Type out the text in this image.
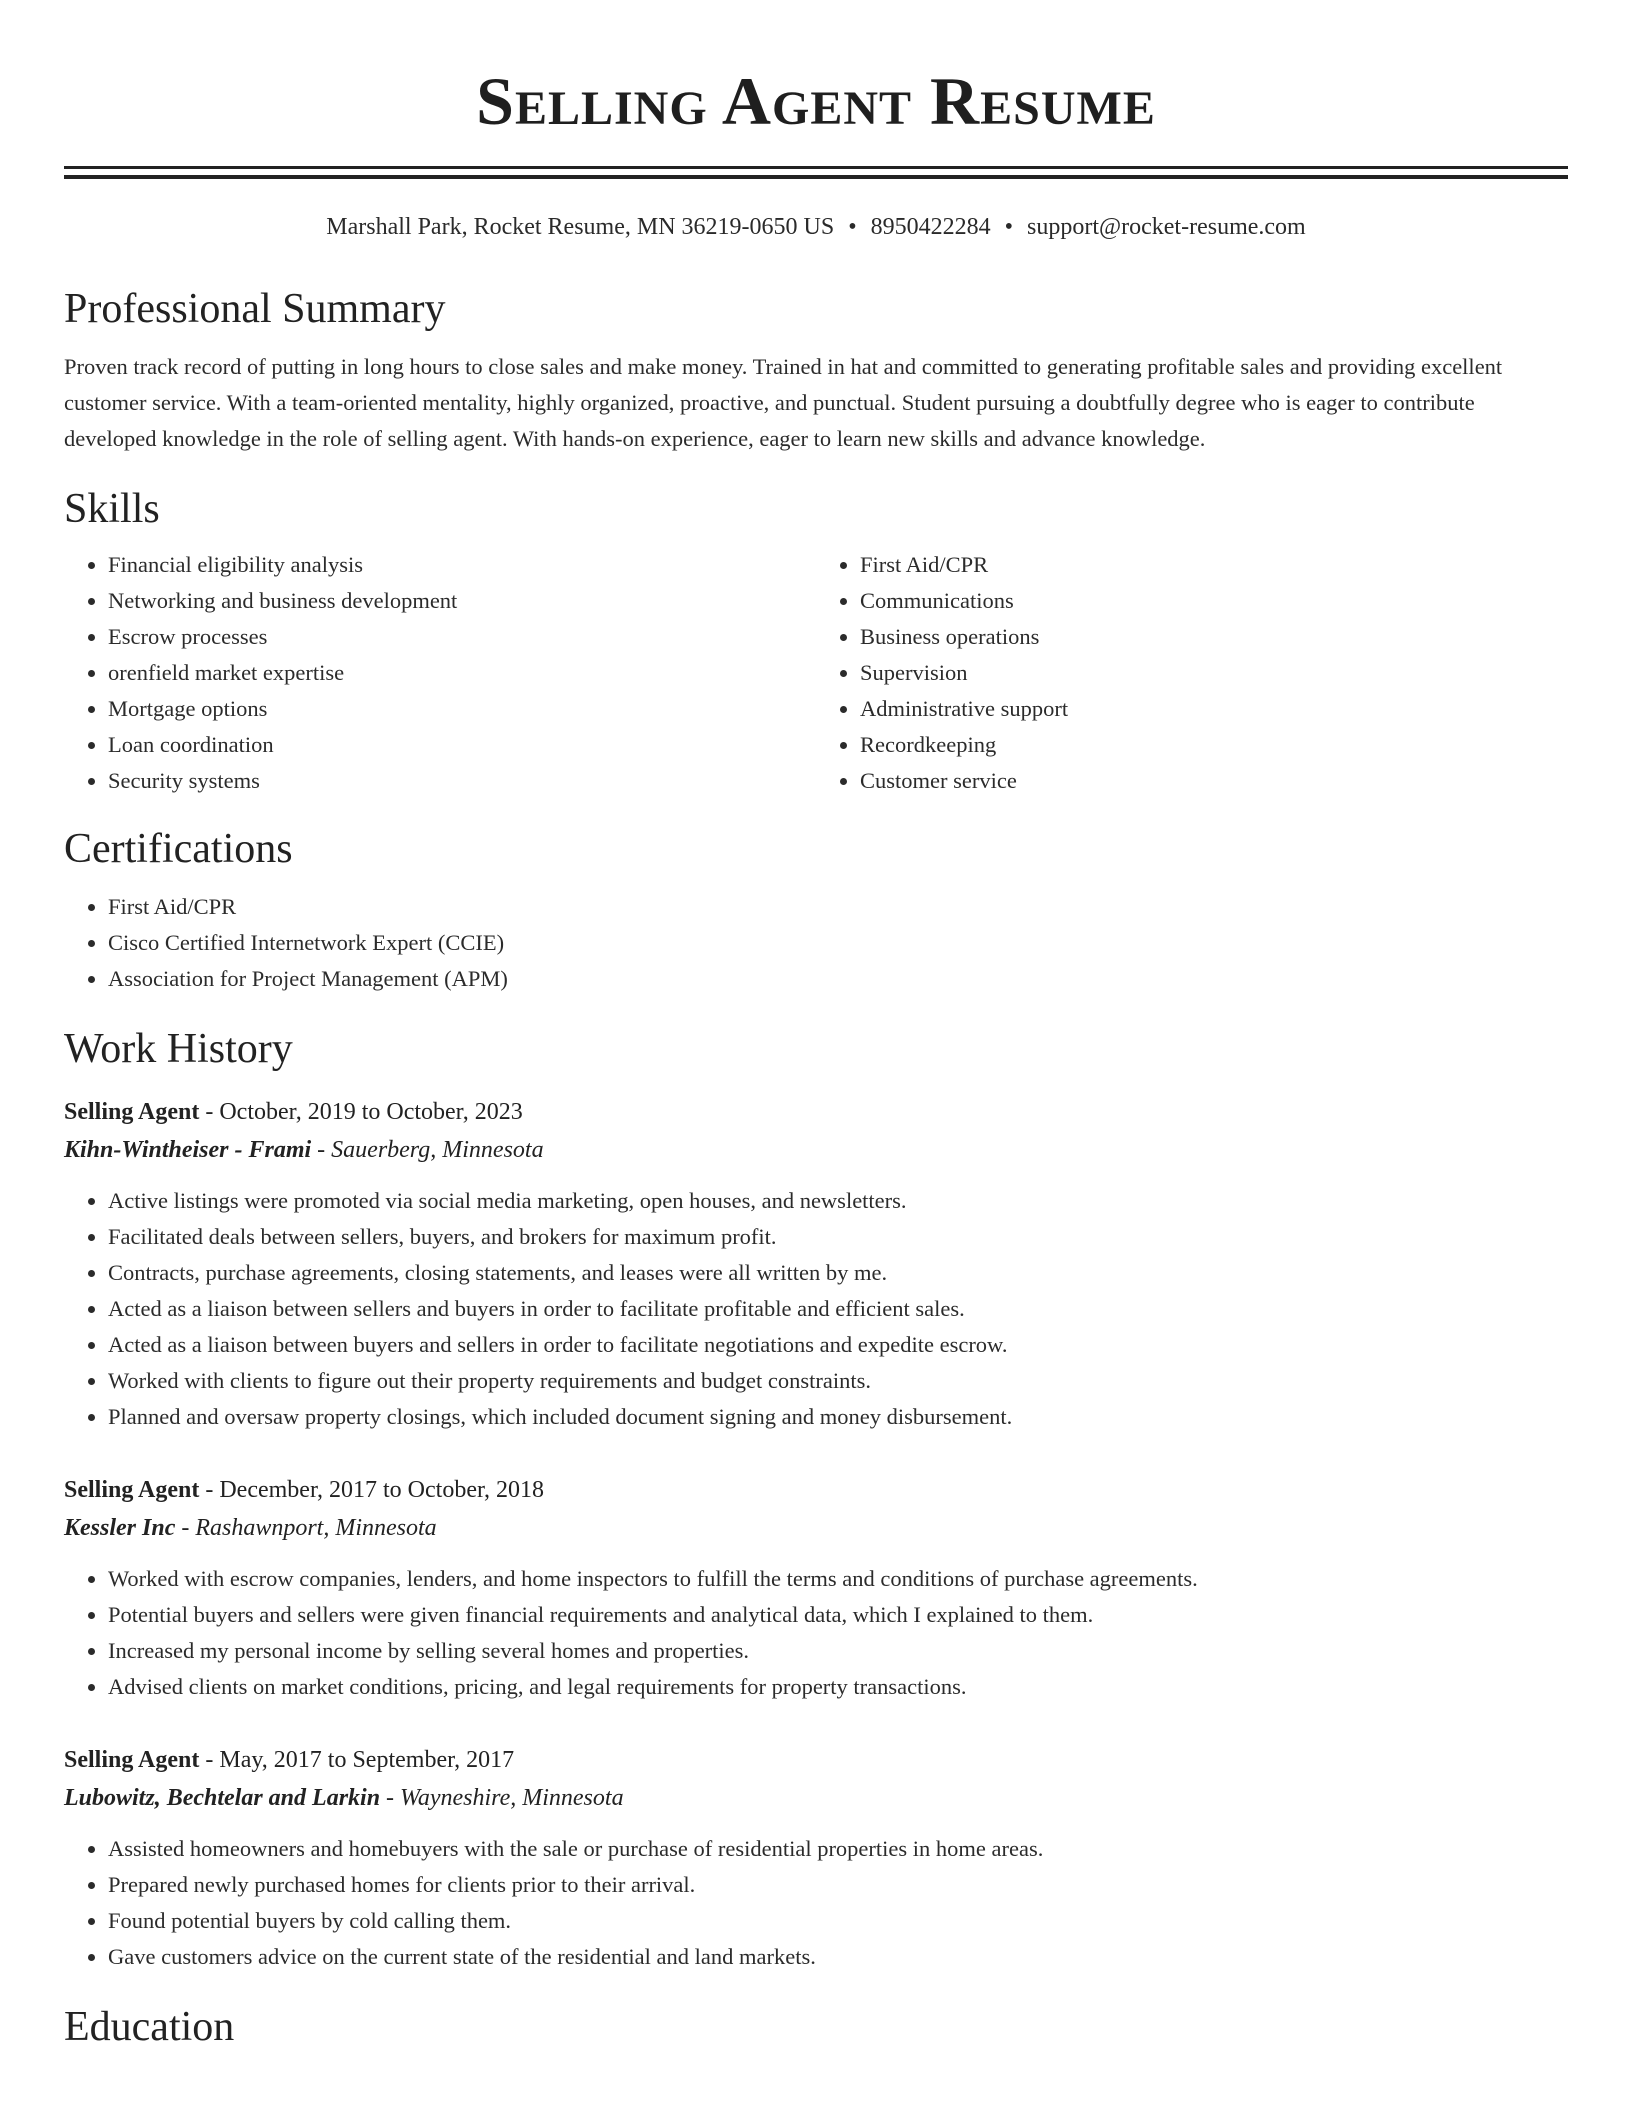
Selling Agent Resume
Marshall Park, Rocket Resume, MN 36219-0650 US • 8950422284 • support@rocket-resume.com
Professional Summary
Proven track record of putting in long hours to close sales and make money. Trained in hat and committed to generating profitable sales and providing excellent customer service. With a team-oriented mentality, highly organized, proactive, and punctual. Student pursuing a doubtfully degree who is eager to contribute developed knowledge in the role of selling agent. With hands-on experience, eager to learn new skills and advance knowledge.
Skills
• Financial eligibility analysis
• Networking and business development
• Escrow processes
• orenfield market expertise
• Mortgage options
• Loan coordination
• Security systems
• First Aid/CPR
• Communications
• Business operations
• Supervision
• Administrative support
• Recordkeeping
• Customer service
Certifications
• First Aid/CPR
• Cisco Certified Internetwork Expert (CCIE)
• Association for Project Management (APM)
Work History
Selling Agent - October, 2019 to October, 2023
Kihn-Wintheiser - Frami - Sauerberg, Minnesota
• Active listings were promoted via social media marketing, open houses, and newsletters.
• Facilitated deals between sellers, buyers, and brokers for maximum profit.
• Contracts, purchase agreements, closing statements, and leases were all written by me.
• Acted as a liaison between sellers and buyers in order to facilitate profitable and efficient sales.
• Acted as a liaison between buyers and sellers in order to facilitate negotiations and expedite escrow.
• Worked with clients to figure out their property requirements and budget constraints.
• Planned and oversaw property closings, which included document signing and money disbursement.
Selling Agent - December, 2017 to October, 2018
Kessler Inc - Rashawnport, Minnesota
• Worked with escrow companies, lenders, and home inspectors to fulfill the terms and conditions of purchase agreements.
• Potential buyers and sellers were given financial requirements and analytical data, which I explained to them.
• Increased my personal income by selling several homes and properties.
• Advised clients on market conditions, pricing, and legal requirements for property transactions.
Selling Agent - May, 2017 to September, 2017
Lubowitz, Bechtelar and Larkin - Wayneshire, Minnesota
• Assisted homeowners and homebuyers with the sale or purchase of residential properties in home areas.
• Prepared newly purchased homes for clients prior to their arrival.
• Found potential buyers by cold calling them.
• Gave customers advice on the current state of the residential and land markets.
Education
